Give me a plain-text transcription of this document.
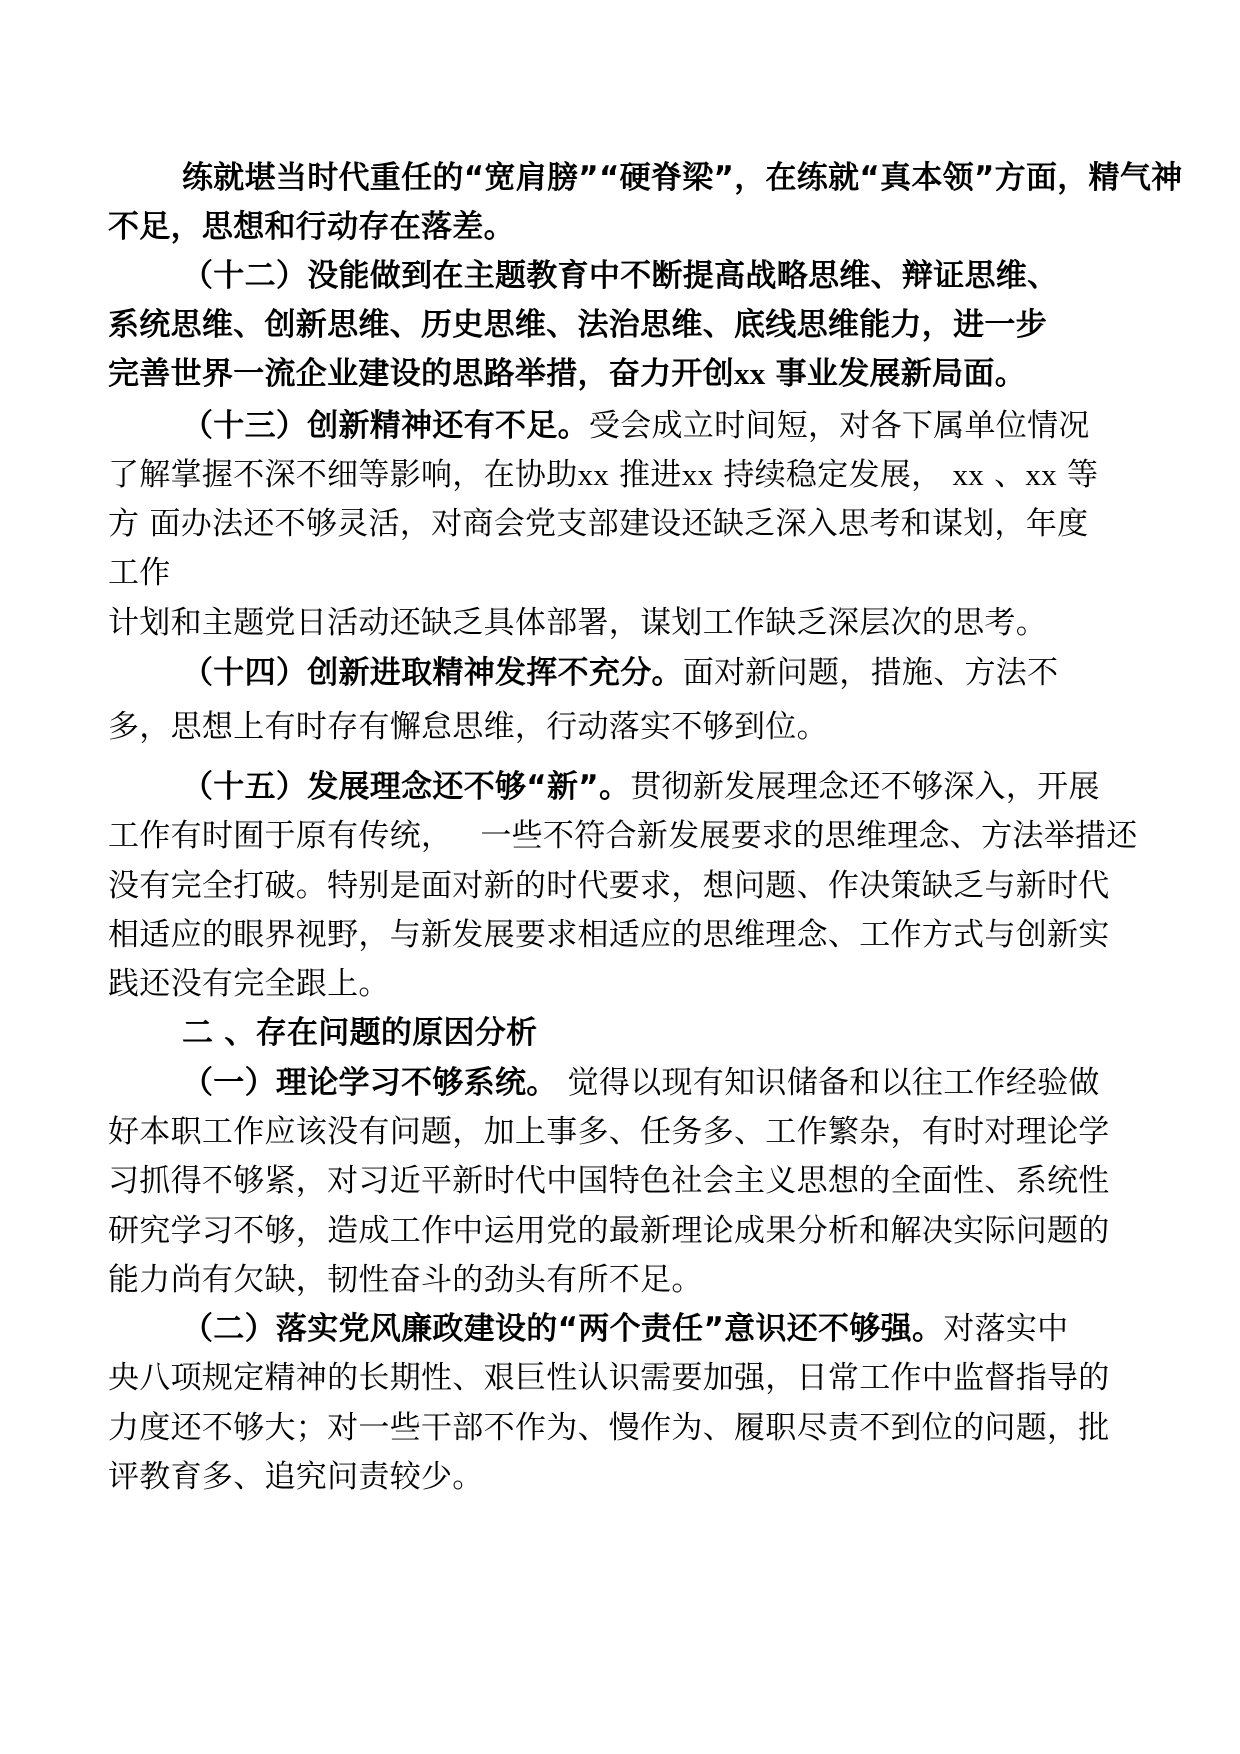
练就堪当时代重任的“宽肩膀”“硬脊梁”，在练就“真本领”方面，精气神
不足，思想和行动存在落差。
（十二）没能做到在主题教育中不断提高战略思维、辩证思维、
系统思维、创新思维、历史思维、法治思维、底线思维能力，进一步
完善世界一流企业建设的思路举措，奋力开创xx 事业发展新局面。
（十三）创新精神还有不足。受会成立时间短，对各下属单位情况
了解掌握不深不细等影响，在协助xx 推进xx 持续稳定发展， xx 、xx 等
方 面办法还不够灵活，对商会党支部建设还缺乏深入思考和谋划，年度
工作
计划和主题党日活动还缺乏具体部署，谋划工作缺乏深层次的思考。
（十四）创新进取精神发挥不充分。面对新问题，措施、方法不
多，思想上有时存有懈怠思维，行动落实不够到位。
（十五）发展理念还不够“新”。贯彻新发展理念还不够深入，开展
工作有时囿于原有传统， 一些不符合新发展要求的思维理念、方法举措还
没有完全打破。特别是面对新的时代要求，想问题、作决策缺乏与新时代
相适应的眼界视野，与新发展要求相适应的思维理念、工作方式与创新实
践还没有完全跟上。
二 、存在问题的原因分析
（一）理论学习不够系统。 觉得以现有知识储备和以往工作经验做
好本职工作应该没有问题，加上事多、任务多、工作繁杂，有时对理论学
习抓得不够紧，对习近平新时代中国特色社会主义思想的全面性、系统性
研究学习不够，造成工作中运用党的最新理论成果分析和解决实际问题的
能力尚有欠缺，韧性奋斗的劲头有所不足。
（二）落实党风廉政建设的“两个责任”意识还不够强。对落实中
央八项规定精神的长期性、艰巨性认识需要加强，日常工作中监督指导的
力度还不够大；对一些干部不作为、慢作为、履职尽责不到位的问题，批
评教育多、追究问责较少。
